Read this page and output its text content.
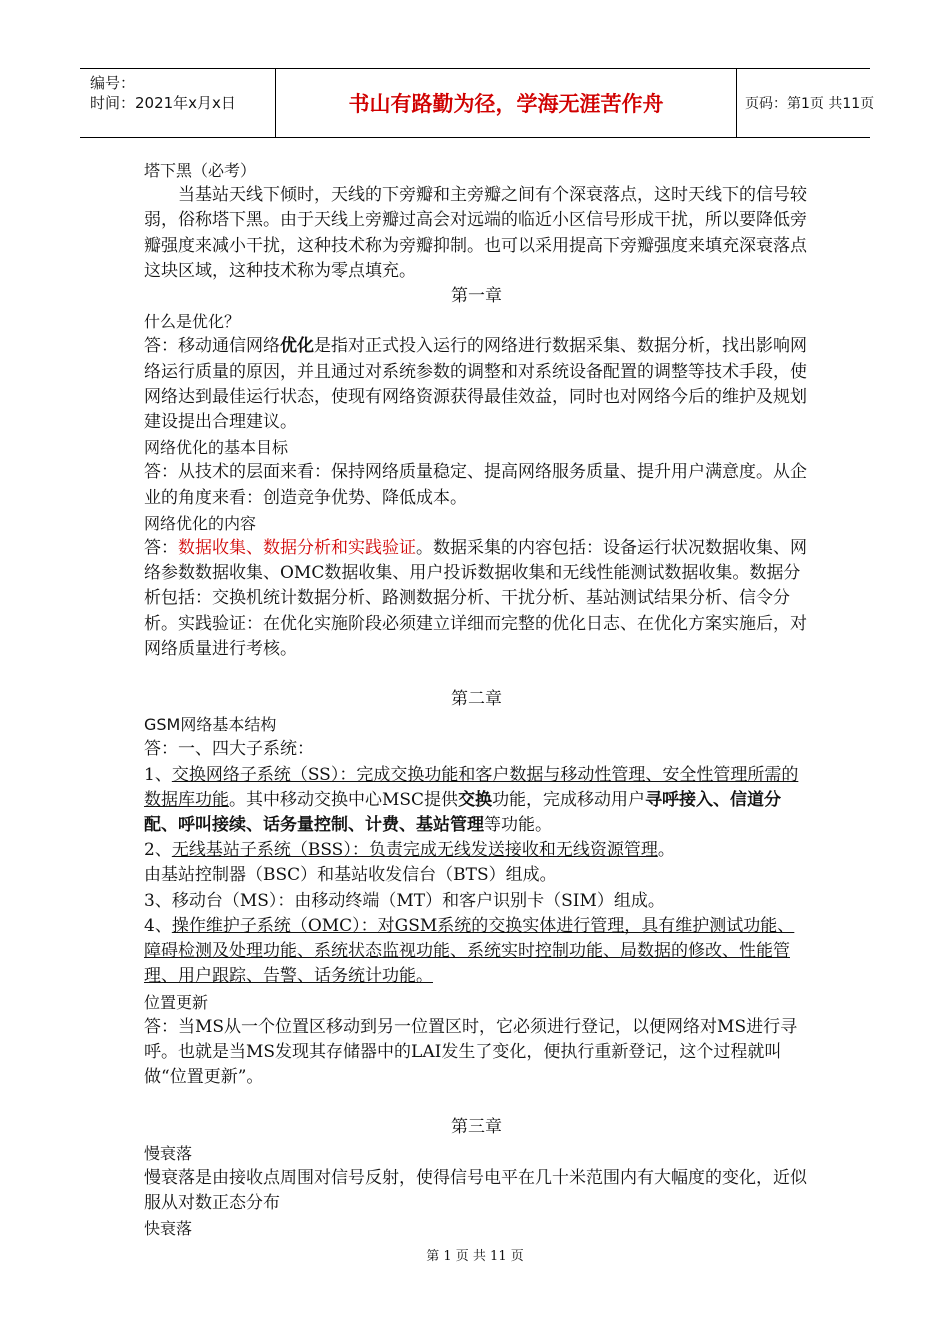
编号：
时间：2021年x月x日	书山有路勤为径，学海无涯苦作舟	页码：第1页 共11页

塔下黑（必考）

当基站天线下倾时，天线的下旁瓣和主旁瓣之间有个深衰落点，这时天线下的信号较弱，俗称塔下黑。由于天线上旁瓣过高会对远端的临近小区信号形成干扰，所以要降低旁瓣强度来减小干扰，这种技术称为旁瓣抑制。也可以采用提高下旁瓣强度来填充深衰落点这块区域，这种技术称为零点填充。

第一章

什么是优化？

答：移动通信网络优化是指对正式投入运行的网络进行数据采集、数据分析，找出影响网络运行质量的原因，并且通过对系统参数的调整和对系统设备配置的调整等技术手段，使网络达到最佳运行状态，使现有网络资源获得最佳效益，同时也对网络今后的维护及规划建设提出合理建议。

网络优化的基本目标

答：从技术的层面来看：保持网络质量稳定、提高网络服务质量、提升用户满意度。从企业的角度来看：创造竞争优势、降低成本。

网络优化的内容

答：数据收集、数据分析和实践验证。数据采集的内容包括：设备运行状况数据收集、网络参数数据收集、OMC数据收集、用户投诉数据收集和无线性能测试数据收集。数据分析包括：交换机统计数据分析、路测数据分析、干扰分析、基站测试结果分析、信令分析。实践验证：在优化实施阶段必须建立详细而完整的优化日志、在优化方案实施后，对网络质量进行考核。

第二章

GSM网络基本结构

答：一、四大子系统：

1、交换网络子系统（SS）：完成交换功能和客户数据与移动性管理、安全性管理所需的数据库功能。其中移动交换中心MSC提供交换功能，完成移动用户寻呼接入、信道分配、呼叫接续、话务量控制、计费、基站管理等功能。

2、无线基站子系统（BSS）：负责完成无线发送接收和无线资源管理。

由基站控制器（BSC）和基站收发信台（BTS）组成。

3、移动台（MS）：由移动终端（MT）和客户识别卡（SIM）组成。

4、操作维护子系统（OMC）：对GSM系统的交换实体进行管理，具有维护测试功能、障碍检测及处理功能、系统状态监视功能、系统实时控制功能、局数据的修改、性能管理、用户跟踪、告警、话务统计功能。

位置更新

答：当MS从一个位置区移动到另一位置区时，它必须进行登记，以便网络对MS进行寻呼。也就是当MS发现其存储器中的LAI发生了变化，便执行重新登记，这个过程就叫做“位置更新”。

第三章

慢衰落

慢衰落是由接收点周围对信号反射，使得信号电平在几十米范围内有大幅度的变化，近似服从对数正态分布

快衰落

第 1 页 共 11 页
